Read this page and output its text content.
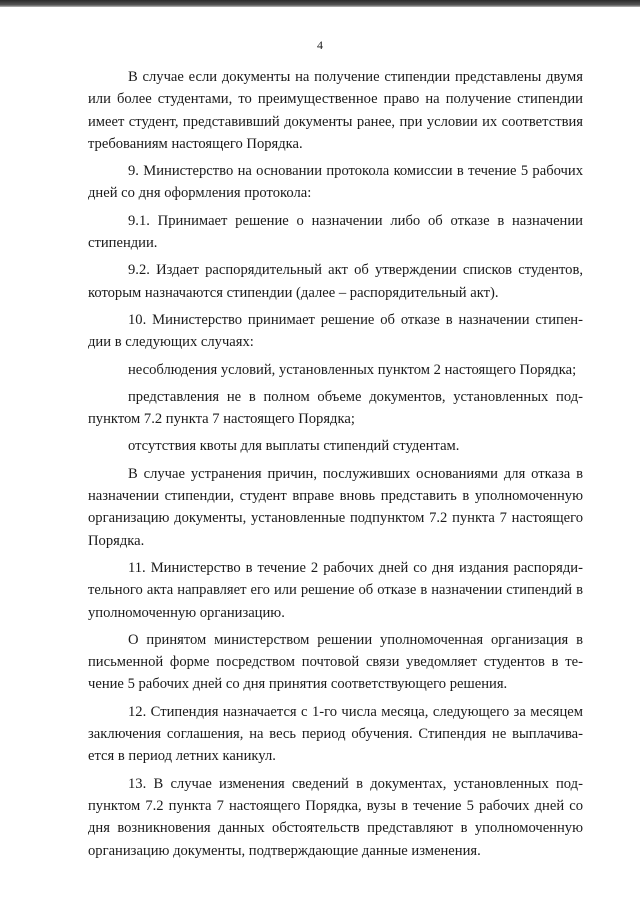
4

В случае если документы на получение стипендии представлены двумя или более студентами, то преимущественное право на получение стипендии имеет студент, представивший документы ранее, при условии их соответствия требованиям настоящего Порядка.

9. Министерство на основании протокола комиссии в течение 5 рабочих дней со дня оформления протокола:

9.1. Принимает решение о назначении либо об отказе в назначении стипендии.

9.2. Издает распорядительный акт об утверждении списков студентов, которым назначаются стипендии (далее – распорядительный акт).

10. Министерство принимает решение об отказе в назначении стипендии в следующих случаях:

несоблюдения условий, установленных пунктом 2 настоящего Порядка;

представления не в полном объеме документов, установленных подпунктом 7.2 пункта 7 настоящего Порядка;

отсутствия квоты для выплаты стипендий студентам.

В случае устранения причин, послуживших основаниями для отказа в назначении стипендии, студент вправе вновь представить в уполномоченную организацию документы, установленные подпунктом 7.2 пункта 7 настоящего Порядка.

11. Министерство в течение 2 рабочих дней со дня издания распорядительного акта направляет его или решение об отказе в назначении стипендий в уполномоченную организацию.

О принятом министерством решении уполномоченная организация в письменной форме посредством почтовой связи уведомляет студентов в течение 5 рабочих дней со дня принятия соответствующего решения.

12. Стипендия назначается с 1-го числа месяца, следующего за месяцем заключения соглашения, на весь период обучения. Стипендия не выплачивается в период летних каникул.

13. В случае изменения сведений в документах, установленных подпунктом 7.2 пункта 7 настоящего Порядка, вузы в течение 5 рабочих дней со дня возникновения данных обстоятельств представляют в уполномоченную организацию документы, подтверждающие данные изменения.
